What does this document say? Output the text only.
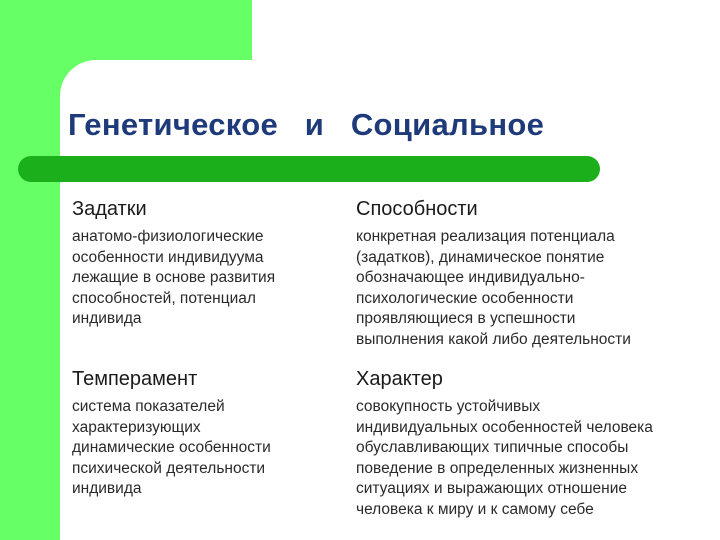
Генетическое   и   Социальное
Задатки
анатомо-физиологические
особенности индивидуума
лежащие в основе развития
способностей, потенциал
индивида
Способности
конкретная реализация потенциала
(задатков), динамическое понятие
обозначающее индивидуально-
психологические особенности
проявляющиеся в успешности
выполнения какой либо деятельности
Темперамент
система показателей
характеризующих
динамические особенности
психической деятельности
индивида
Характер
совокупность устойчивых
индивидуальных особенностей человека
обуславливающих типичные способы
поведение в определенных жизненных
ситуациях и выражающих отношение
человека к миру и к самому себе
